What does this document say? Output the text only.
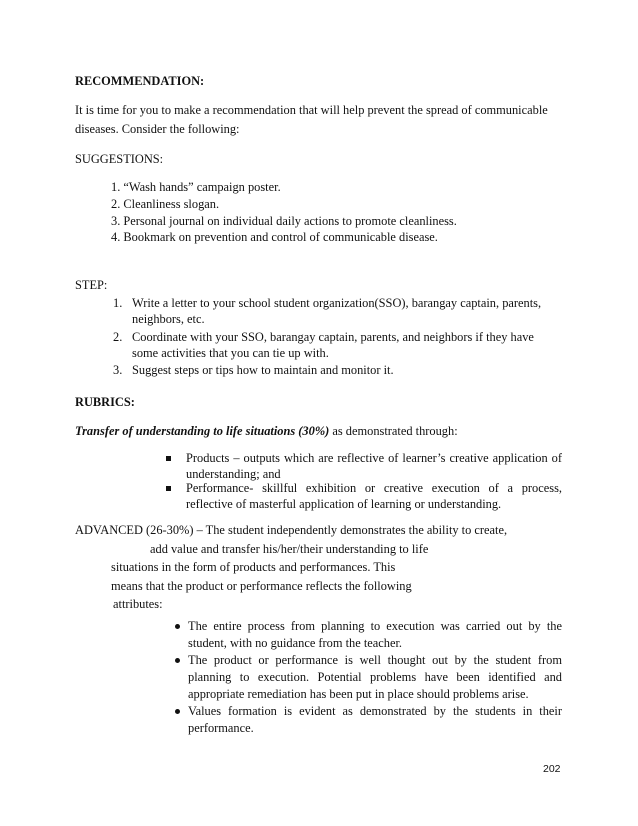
RECOMMENDATION:
It is time for you to make a recommendation that will help prevent the spread of communicable
diseases. Consider the following:
SUGGESTIONS:
1. “Wash hands” campaign poster.
2. Cleanliness slogan.
3. Personal journal on individual daily actions to promote cleanliness.
4. Bookmark on prevention and control of communicable disease.
STEP:
1. Write a letter to your school student organization(SSO), barangay captain, parents,
neighbors, etc.
2. Coordinate with your SSO, barangay captain, parents, and neighbors if they have
some activities that you can tie up with.
3. Suggest steps or tips how to maintain and monitor it.
RUBRICS:
Transfer of understanding to life situations (30%) as demonstrated through:
Products – outputs which are reflective of learner’s creative application of
understanding; and
Performance- skillful exhibition or creative execution of a process,
reflective of masterful application of learning or understanding.
ADVANCED (26-30%) – The student independently demonstrates the ability to create,
add value and transfer his/her/their understanding to life
situations in the form of products and performances. This
means that the product or performance reflects the following
attributes:
The entire process from planning to execution was carried out by the
student, with no guidance from the teacher.
The product or performance is well thought out by the student from
planning to execution. Potential problems have been identified and
appropriate remediation has been put in place should problems arise.
Values formation is evident as demonstrated by the students in their
performance.
202
